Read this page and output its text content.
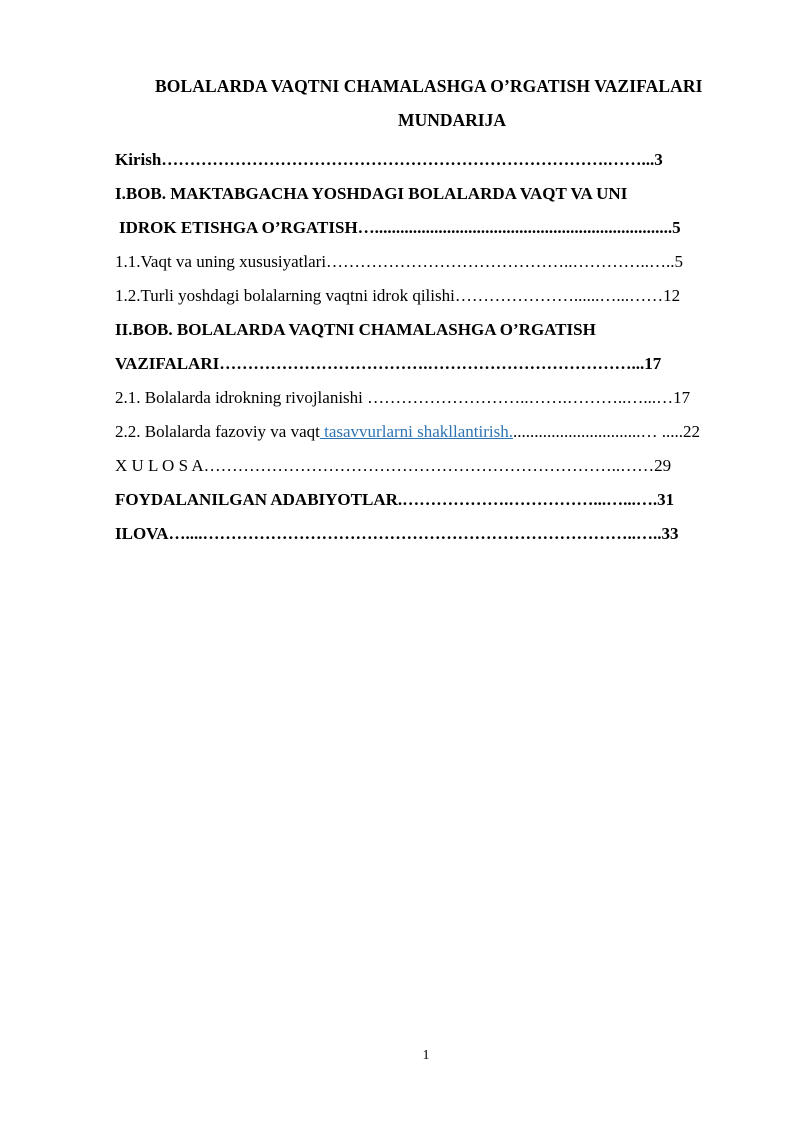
BOLALARDA VAQTNI CHAMALASHGA O’RGATISH VAZIFALARI
MUNDARIJA
Kirish…………………………………………………………………….……...3
I.BOB. MAKTABGACHA YOSHDAGI BOLALARDA VAQT VA UNI
IDROK ETISHGA O’RGATISH…......................................................................5
1.1.Vaqt va uning xususiyatlari……………………………………..…………..…..5
1.2.Turli yoshdagi bolalarning vaqtni idrok qilishi…………………......…...……12
II.BOB. BOLALARDA VAQTNI CHAMALASHGA O’RGATISH
VAZIFALARI……………………………….………………………………...17
2.1. Bolalarda idrokning rivojlanishi ………………………..…….………..…...…17
2.2. Bolalarda fazoviy va vaqt tasavvurlarni shakllantirish...............................… .....22
X U L O S A………………………………………………………………..……29
FOYDALANILGAN ADABIYOTLAR.……………….……………...…...….31
ILOVA…....…………………………………………………………………..…..33
1
